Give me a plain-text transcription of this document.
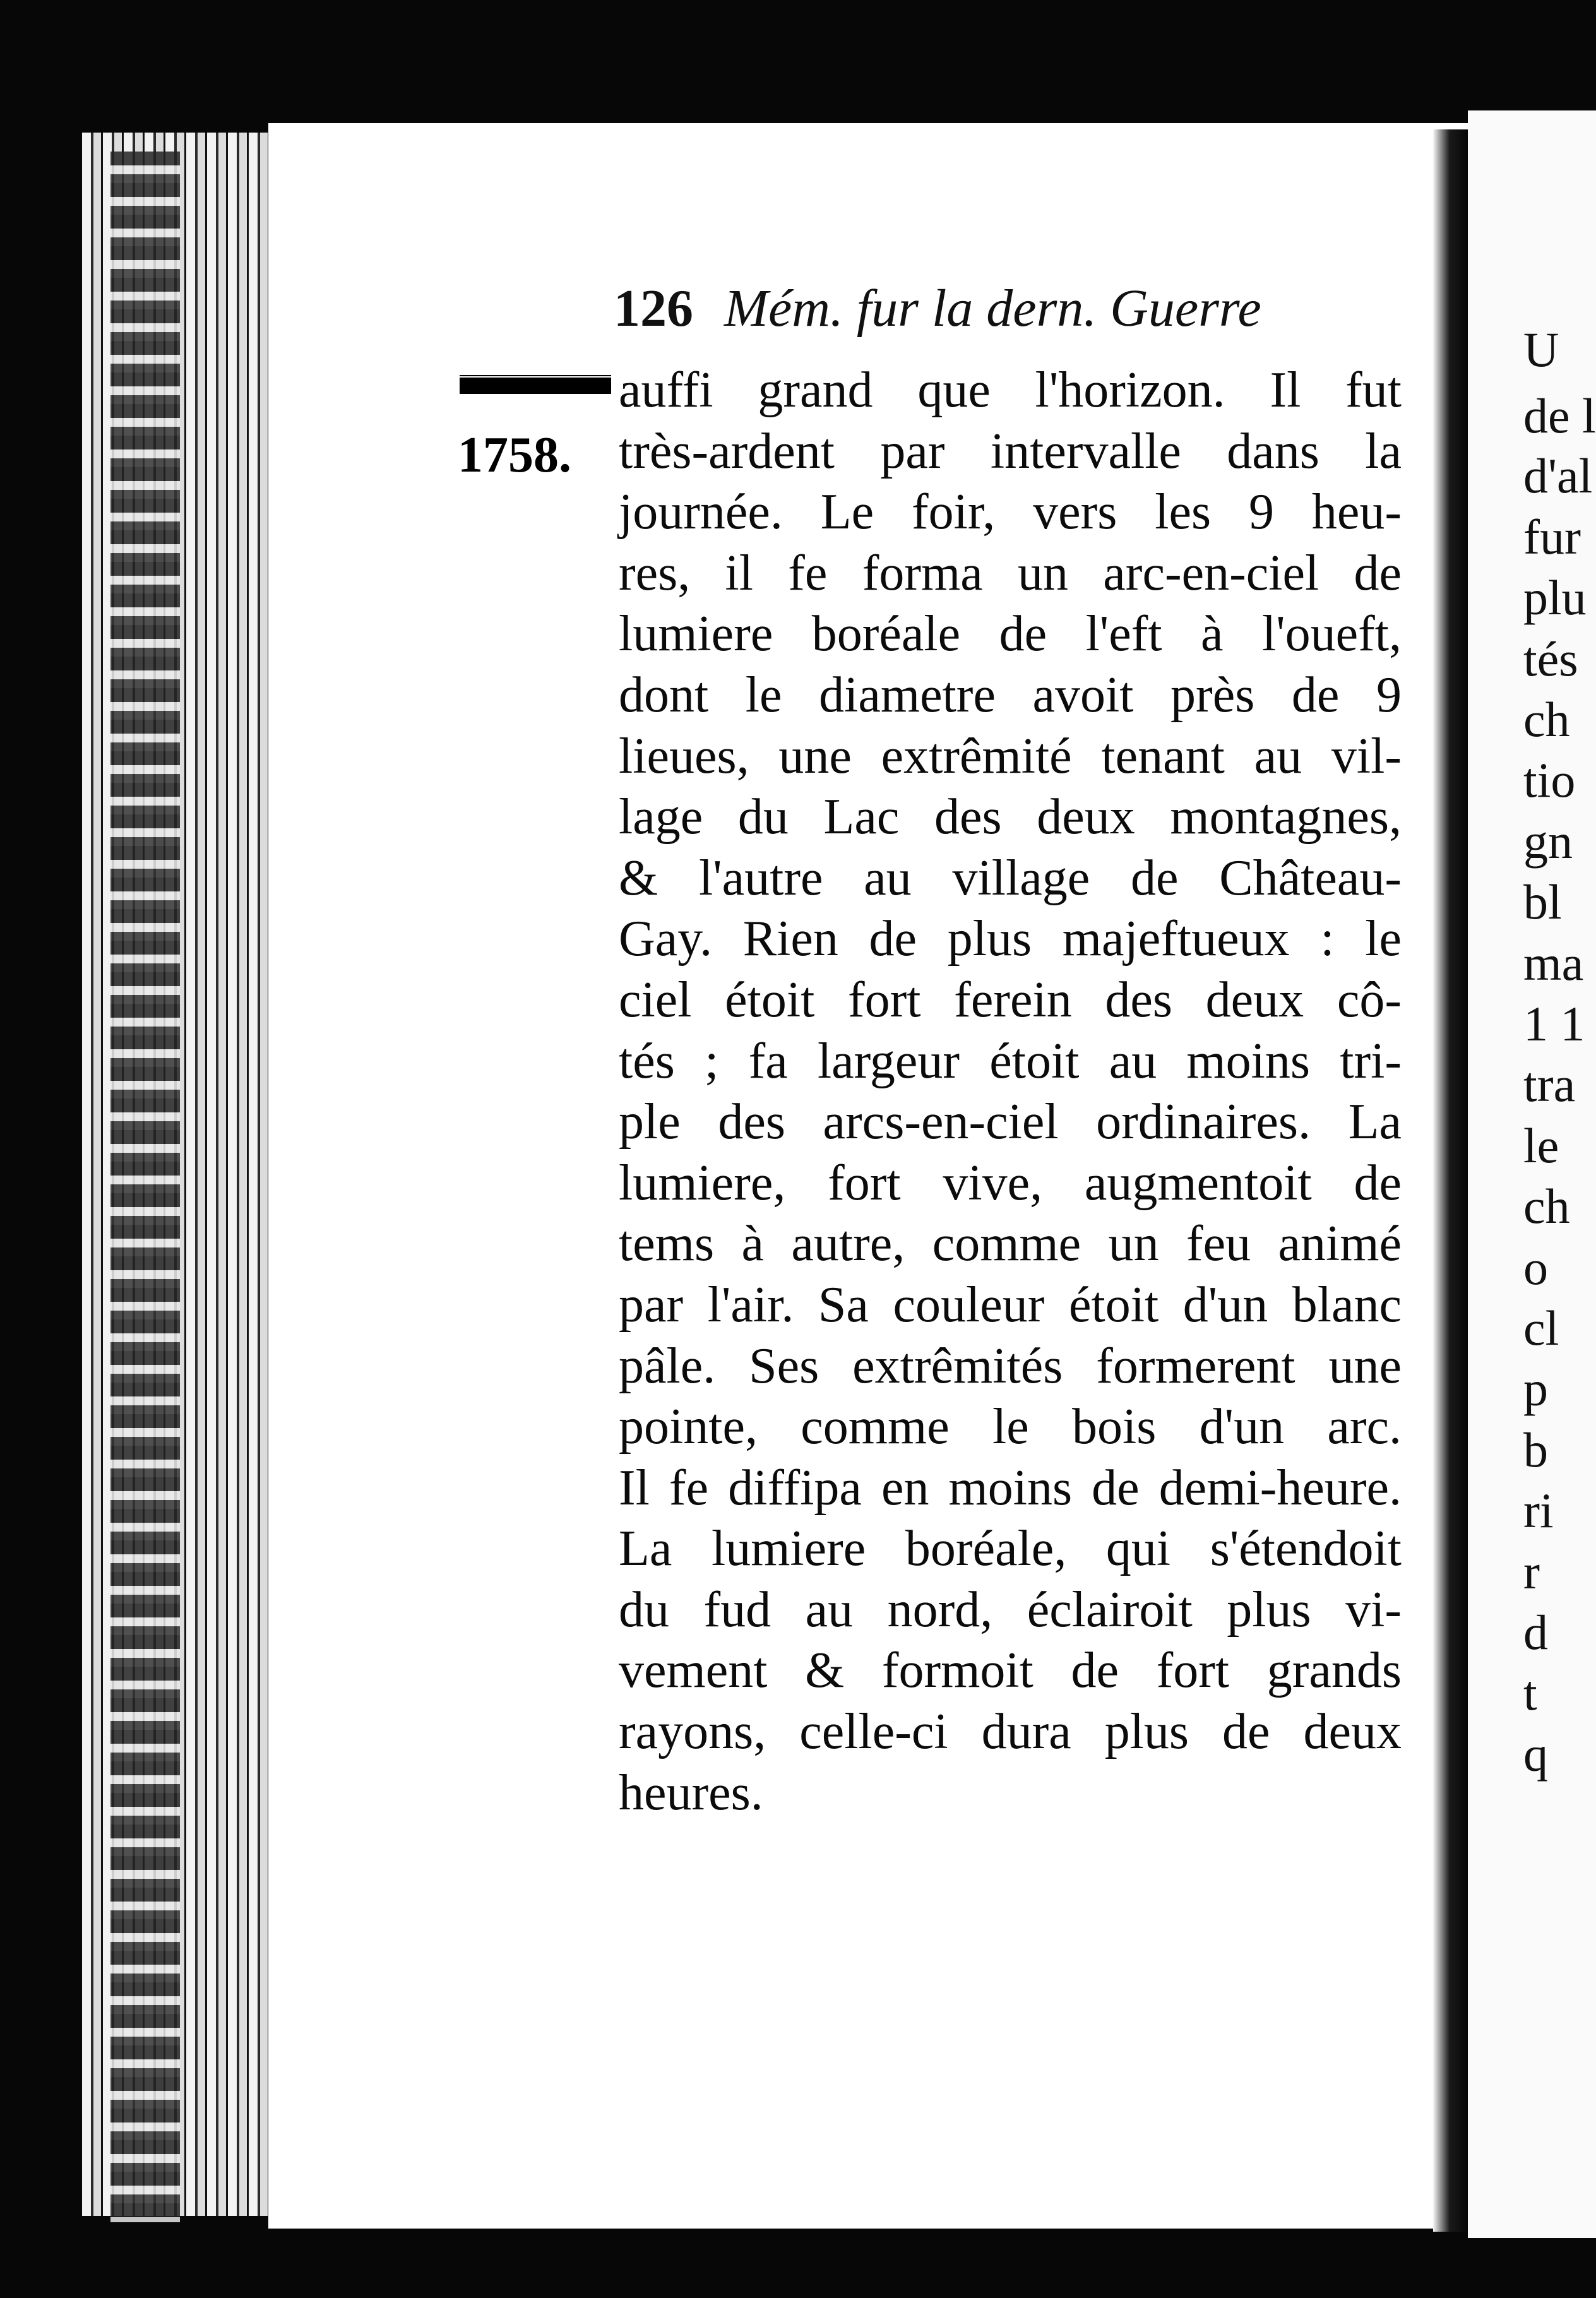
126 Mém. fur la dern. Guerre
1758.
auffi grand que l'horizon. Il fut
très-ardent par intervalle dans la
journée. Le foir, vers les 9 heu-
res, il fe forma un arc-en-ciel de
lumiere boréale de l'eft à l'oueft,
dont le diametre avoit près de 9
lieues, une extrêmité tenant au vil-
lage du Lac des deux montagnes,
& l'autre au village de Château-
Gay. Rien de plus majeftueux : le
ciel étoit fort ferein des deux cô-
tés ; fa largeur étoit au moins tri-
ple des arcs-en-ciel ordinaires. La
lumiere, fort vive, augmentoit de
tems à autre, comme un feu animé
par l'air. Sa couleur étoit d'un blanc
pâle. Ses extrêmités formerent une
pointe, comme le bois d'un arc.
Il fe diffipa en moins de demi-heure.
La lumiere boréale, qui s'étendoit
du fud au nord, éclairoit plus vi-
vement & formoit de fort grands
rayons, celle-ci dura plus de deux
heures.
U
de l
d'al
fur
plu
tés
ch
tio
gn
bl
ma
1 1
tra
le
ch
o
cl
p
b
ri
r
d
t
q
